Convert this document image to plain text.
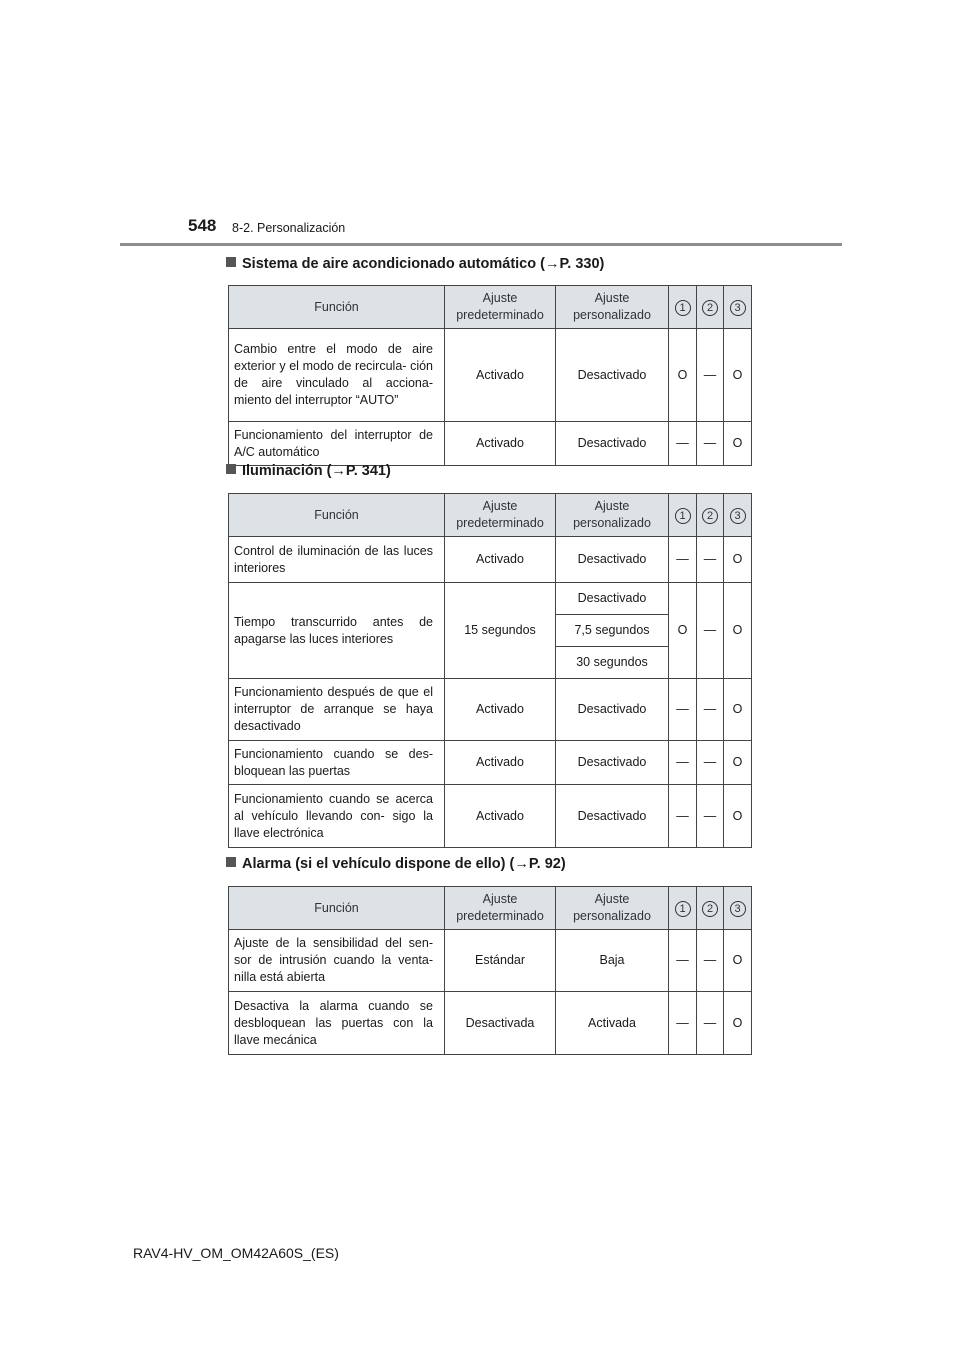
548 8-2. Personalización
Sistema de aire acondicionado automático (→P. 330)
Función	Ajuste predeterminado	Ajuste personalizado	1	2	3
Cambio entre el modo de aire exterior y el modo de recircula- ción de aire vinculado al acciona- miento del interruptor “AUTO”	Activado	Desactivado	O	—	O
Funcionamiento del interruptor de A/C automático	Activado	Desactivado	—	—	O
Iluminación (→P. 341)
Función	Ajuste predeterminado	Ajuste personalizado	1	2	3
Control de iluminación de las luces interiores	Activado	Desactivado	—	—	O
Tiempo transcurrido antes de apagarse las luces interiores	15 segundos	Desactivado	O	—	O
		7,5 segundos			
		30 segundos			
Funcionamiento después de que el interruptor de arranque se haya desactivado	Activado	Desactivado	—	—	O
Funcionamiento cuando se des- bloquean las puertas	Activado	Desactivado	—	—	O
Funcionamiento cuando se acerca al vehículo llevando con- sigo la llave electrónica	Activado	Desactivado	—	—	O
Alarma (si el vehículo dispone de ello) (→P. 92)
Función	Ajuste predeterminado	Ajuste personalizado	1	2	3
Ajuste de la sensibilidad del sen- sor de intrusión cuando la venta- nilla está abierta	Estándar	Baja	—	—	O
Desactiva la alarma cuando se desbloquean las puertas con la llave mecánica	Desactivada	Activada	—	—	O
RAV4-HV_OM_OM42A60S_(ES)
